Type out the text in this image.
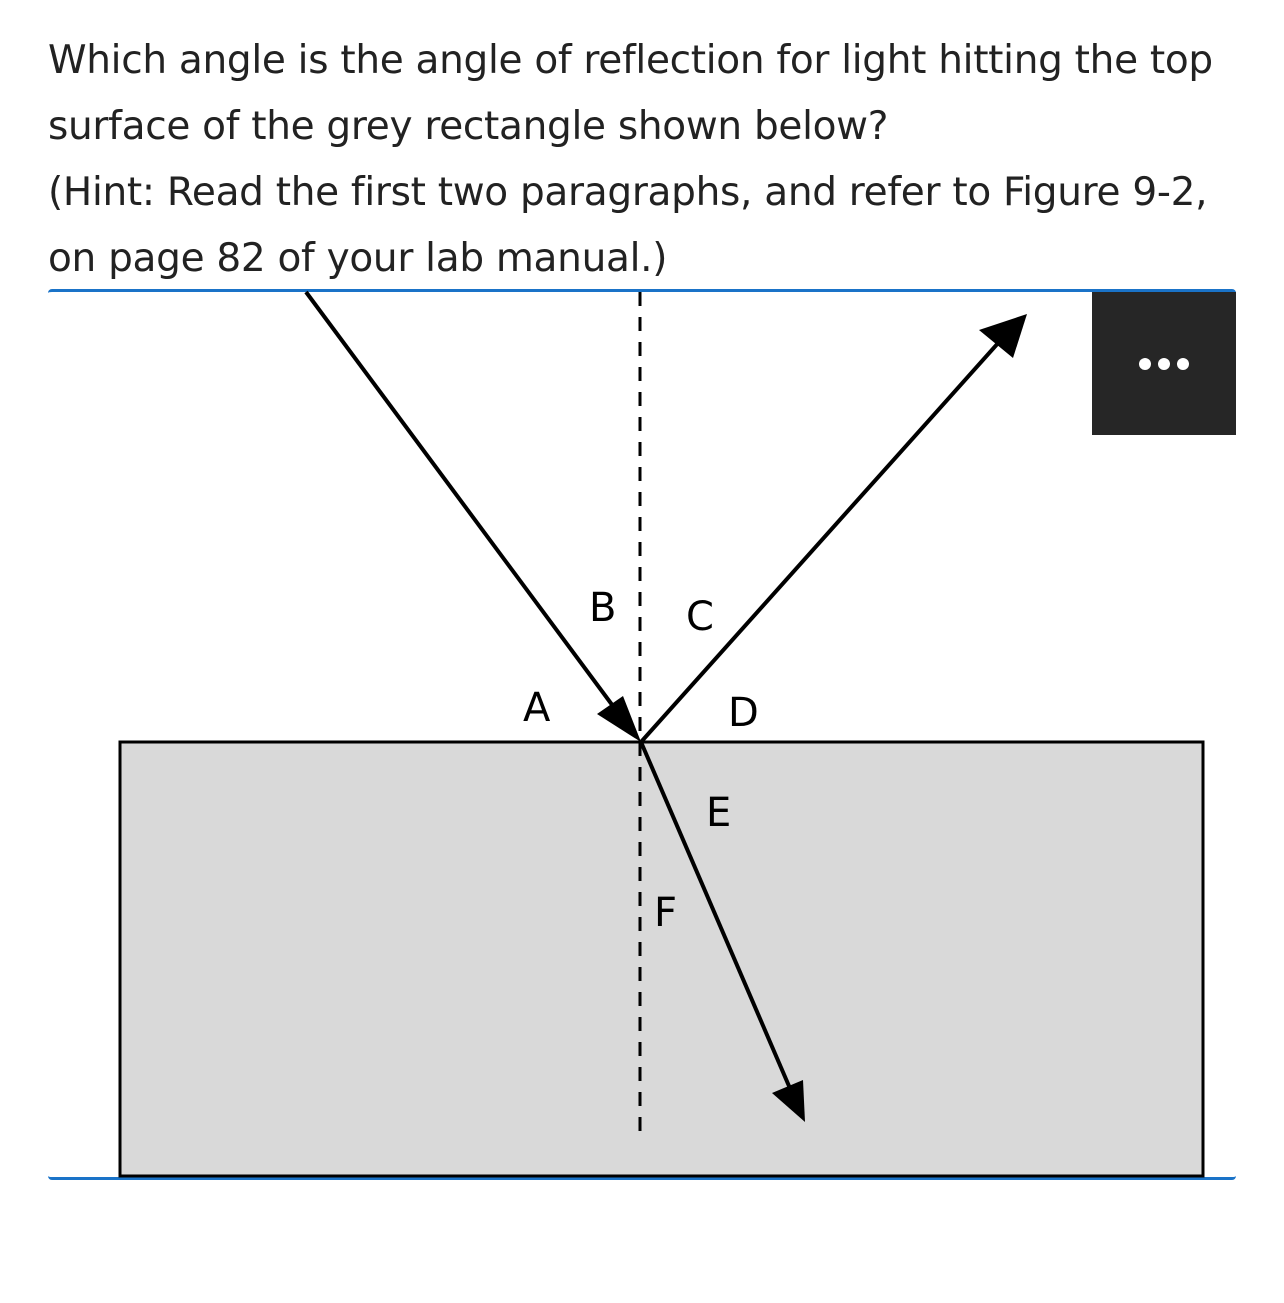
Which angle is the angle of reflection for light hitting the top

surface of the grey rectangle shown below?

(Hint: Read the first two paragraphs, and refer to Figure 9-2,

on page 82 of your lab manual.)

A
B C
D
E
F
